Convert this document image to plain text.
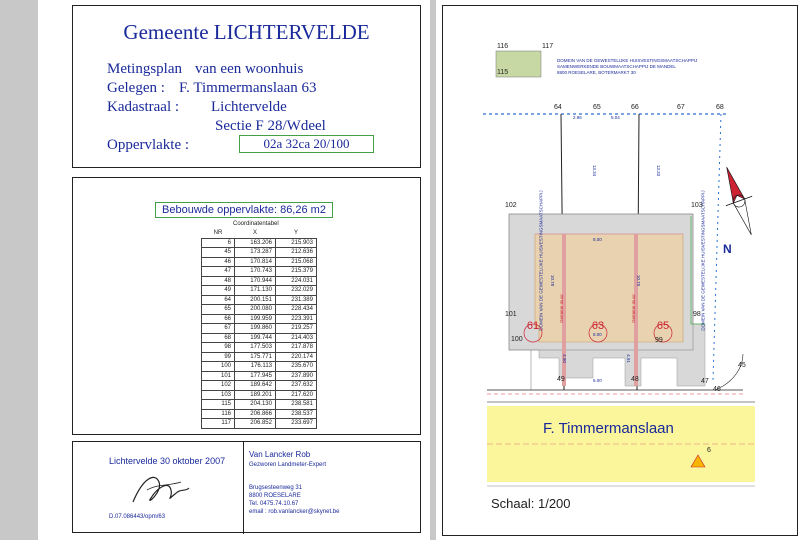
Gemeente LICHTERVELDE
Metingsplan van een woonhuis
Gelegen : F. Timmermanslaan 63
Kadastraal : Lichtervelde
Sectie F 28/Wdeel
Oppervlakte :	02a 32ca 20/100
Bebouwde oppervlakte: 86,26 m2
Coordinatentabel
NR	X	Y
6	163.206	215.903
45	173.287	212.636
46	170.814	215.068
47	170.743	215.379
48	170.944	224.031
49	171.130	232.029
64	200.151	231.389
65	200.080	228.434
66	199.959	223.391
67	199.860	219.257
68	199.744	214.403
98	177.503	217.878
99	175.771	220.174
100	176.113	235.670
101	177.945	237.890
102	189.642	237.632
103	189.201	217.620
115	204.130	238.581
116	206.866	238.537
117	206.852	233.697
Lichtervelde 30 oktober 2007
D.07.086443/opm/63
Van Lancker Rob
Gezworen Landmeter-Expert
Brugsesteenweg 31
8800 ROESELARE
Tel. 0475.74.10.67
email : rob.vanlancker@skynet.be
116	117
115
64	65	66	67	68
102	103
101
100
98
99
49	48	47
46
45
6
2.96	5.04
13.34	13.33
8.00
10.78	10.79
8.00
4.90	4.91
6.00
Gemene muur	Gemene muur
DOMEIN VAN DE GEWESTELIJKE HUISVESTINGSMAATSCHAPPIJ
SAMENWERKENDE BOUWMAATSCHAPPIJ DE MANDEL
8800 ROESELARE, BOTERMARKT 30
DOMEIN VAN DE GEWESTELIJKE HUISVESTINGSMAATSCHAPPIJ	DOMEIN VAN DE GEWESTELIJKE HUISVESTINGSMAATSCHAPPIJ
61	63	65
N
F. Timmermanslaan
Schaal: 1/200
